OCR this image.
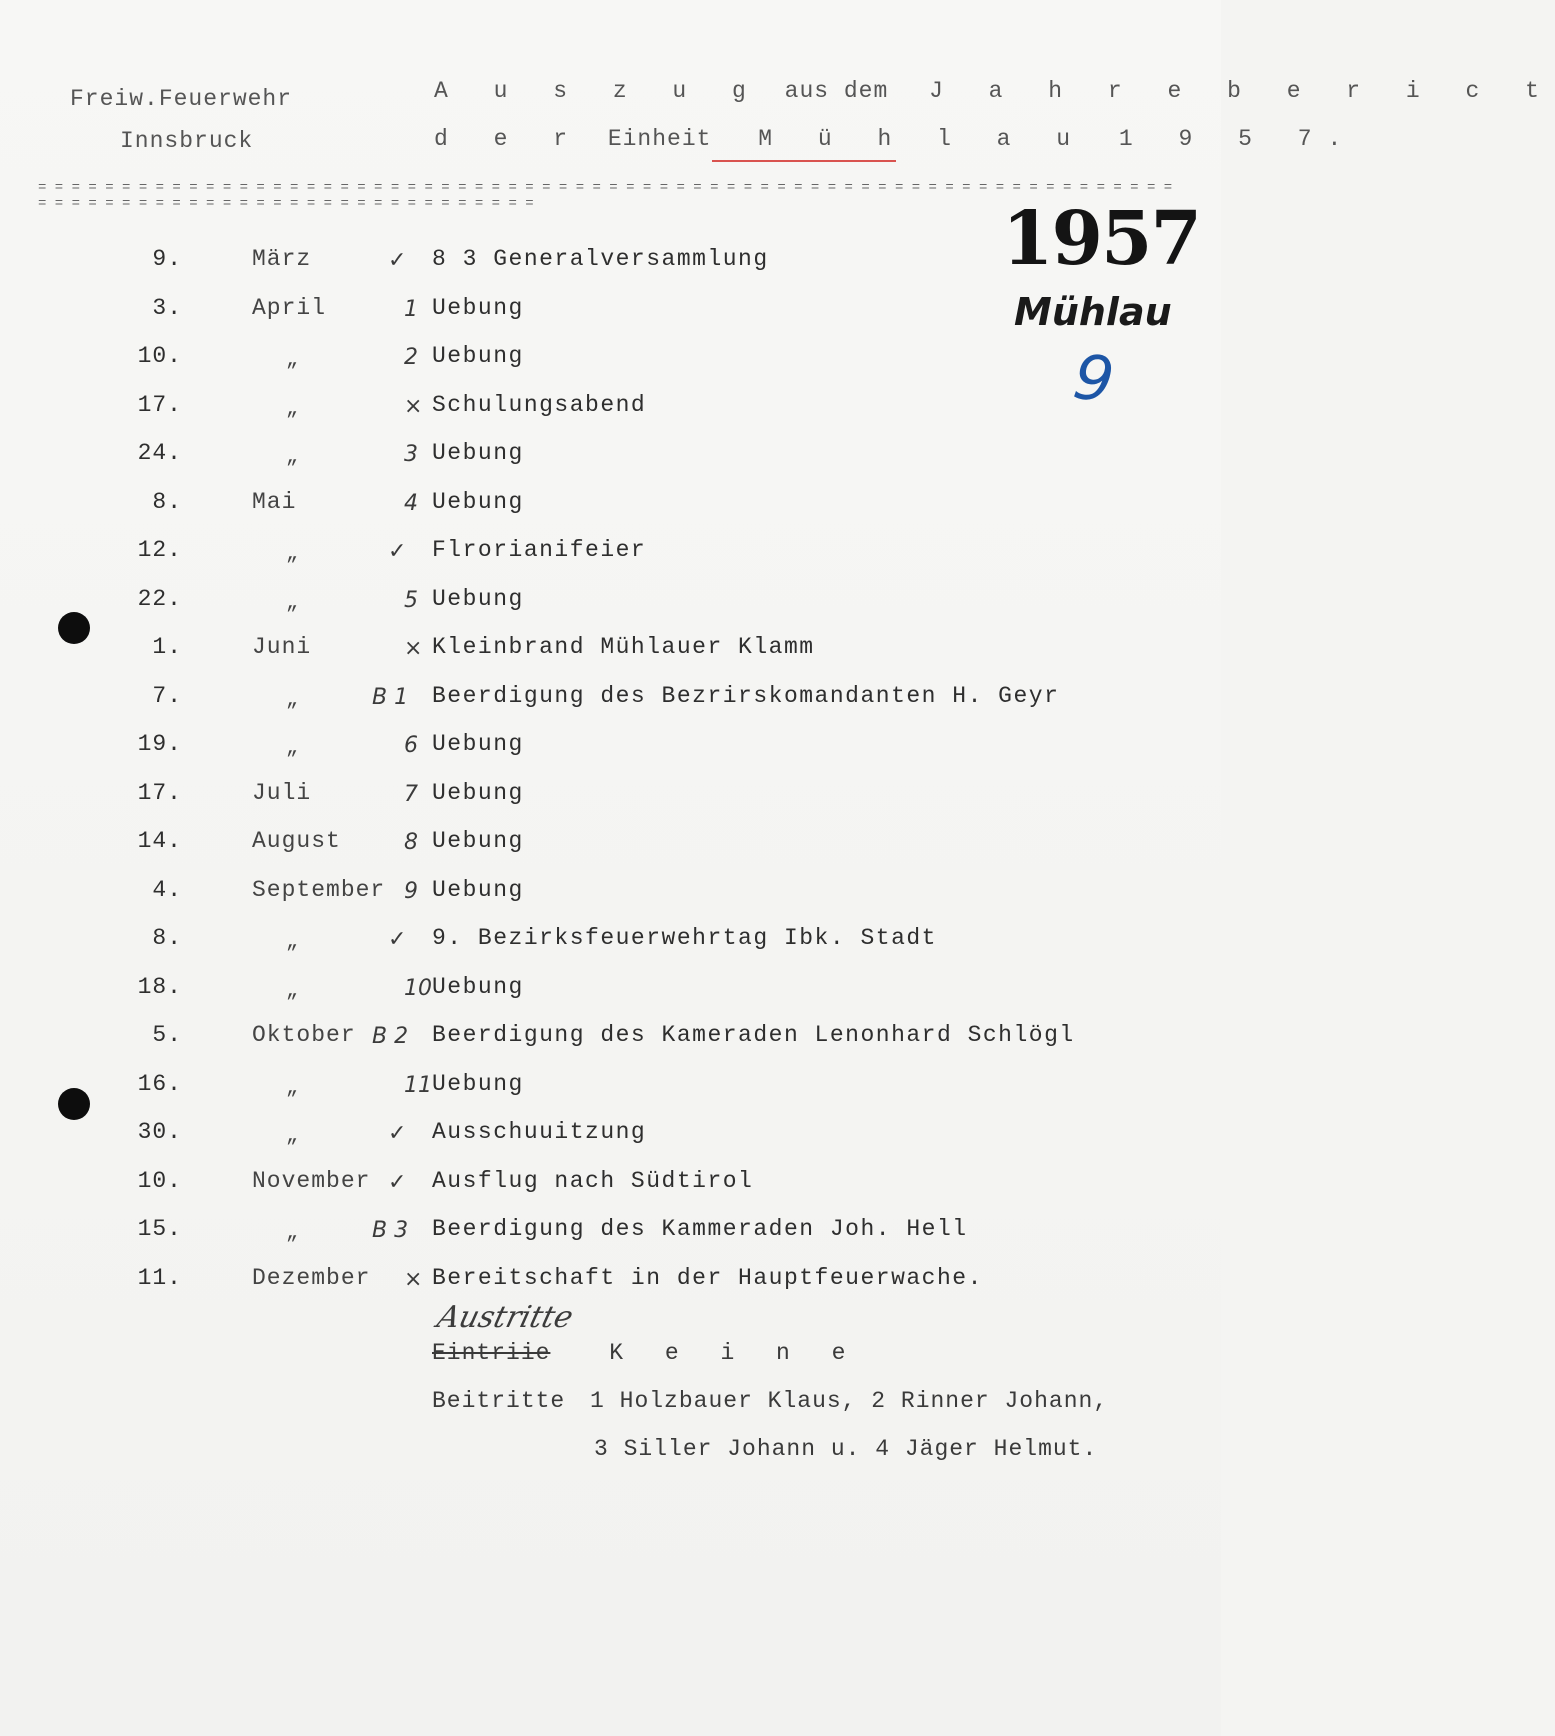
Freiw.Feuerwehr
Innsbruck
A u s z u g aus dem J a h r e b e r i c t
d e r Einheit M ü h l a u 1 9 5 7.
= = = = = = = = = = = = = = = = = = = = = = = = = = = = = = = = = = = = = = = = = = = = = = = = = = = = = = = = = = = = = = = = = = = = = = = = = = = = = = = = = = = = = = = = = = = = = = = = = =	1957
Mühlau
9
9.	März	✓ 8 3 Generalversammlung
3.	April	1 Uebung
10.	„	2 Uebung
17.	„	× Schulungsabend
24.	„	3 Uebung
8.	Mai	4 Uebung
12.	„	✓ Flrorianifeier
22.	„	5 Uebung
1.	Juni	× Kleinbrand Mühlauer Klamm
7.	„	B 1 Beerdigung des Bezrirskomandanten H. Geyr
19.	„	6 Uebung
17.	Juli	7 Uebung
14.	August	8 Uebung
4.	September 9 Uebung
8.	„	✓ 9. Bezirksfeuerwehrtag Ibk. Stadt
18.	„	10 Uebung
5.	Oktober B 2 Beerdigung des Kameraden Lenonhard Schlögl
16.	„	11 Uebung
30.	„	✓ Ausschuuitzung
10.	November ✓ Ausflug nach Südtirol
15.	„	B 3 Beerdigung des Kammeraden Joh. Hell
11.	Dezember × Bereitschaft in der Hauptfeuerwache.
Austritte
Eintriie	K e i n e
Beitritte 1 Holzbauer Klaus, 2 Rinner Johann,
3 Siller Johann u. 4 Jäger Helmut.
